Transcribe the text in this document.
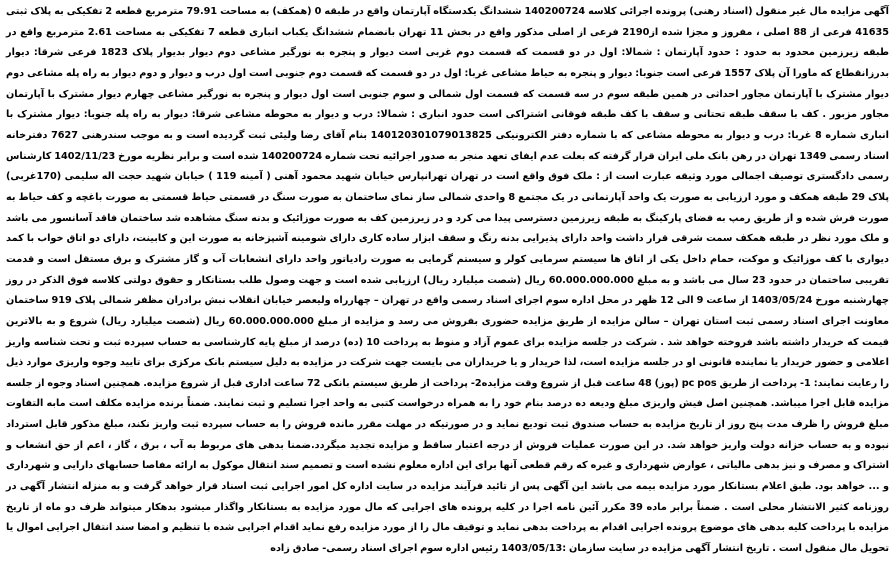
آگهی مزایده مال غیر منقول (اسناد رهنی) پرونده اجرائی کلاسه 140200724 ششدانگ یکدستگاه آپارتمان واقع در طبقه 0 (همکف) به مساحت 79.91 مترمربع قطعه 2 تفکیکی به پلاک ثبتی 41635 فرعی از 88 اصلی ، مفروز و مجزا شده از2190 فرعی از اصلی مذکور واقع در بخش 11 تهران بانضمام ششدانگ یکباب انباری قطعه 7 تفکیکی به مساحت 2.61 مترمربع واقع در طبقه زیرزمین محدود به حدود : حدود آپارتمان : شمالا: اول در دو قسمت که قسمت دوم غربی است دیوار و پنجره به نورگیر مشاعی دوم دیوار بدیوار پلاک 1823 فرعی شرقا: دیوار بدرزانقطاع که ماورا آن پلاک 1557 فرعی است جنوبا: دیوار و پنجره به حیاط مشاعی غربا: اول در دو قسمت که قسمت دوم جنوبی است اول درب و دیوار و دوم دیوار به راه پله مشاعی دوم دیوار مشترک با آپارتمان مجاور احداثی در همین طبقه سوم در سه قسمت که قسمت اول شمالی و سوم جنوبی است اول دیوار و پنجره به نورگیر مشاعی چهارم دیوار مشترک با آپارتمان مجاور مزبور . کف با سقف طبقه تحتانی و سقف با کف طبقه فوقانی اشتراکی است حدود انباری : شمالا: درب و دیوار به محوطه مشاعی شرقا: دیوار به راه پله جنوبا: دیوار مشترک با انباری شماره 8 غربا: درب و دیوار به محوطه مشاعی که با شماره دفتر الکترونیکی 140120301079013825 بنام آقای رضا ولیئی ثبت گردیده است و به موجب سندرهنی 7627 دفترخانه اسناد رسمی 1349 تهران در رهن بانک ملی ایران قرار گرفته که بعلت عدم ایفای تعهد منجر به صدور اجرائیه تحت شماره 140200724 شده است و برابر نظریه مورخ 1402/11/23 کارشناس رسمی دادگستری توصیف اجمالی مورد وثیقه عبارت است از : ملک فوق واقع است در تهران تهرانپارس خیابان شهید محمود آهنی ( آمینه 119 ) خیابان شهید حجت اله سلیمی (170غربی) پلاک 29 طبقه همکف و مورد ارزیابی به صورت یک واحد آپارتمانی در یک مجتمع 8 واحدی شمالی ساز نمای ساختمان به صورت سنگ در قسمتی حیاط قسمتی به صورت باغچه و کف حیاط به صورت فرش شده و از طریق رمپ به فضای پارکینگ به طبقه زیرزمین دسترسی پیدا می کرد و در زیرزمین کف به صورت موزائیک و بدنه سنگ مشاهده شد ساختمان فاقد آسانسور می باشد و ملک مورد نظر در طبقه همکف سمت شرقی قرار داشت واحد دارای پذیرایی بدنه رنگ و سقف ابزار ساده کاری دارای شومینه آشپزخانه به صورت این و کابینت، دارای دو اتاق خواب با کمد دیواری با کف موزائیک و موکت، حمام داخل یکی از اتاق ها سیستم سرمایی کولر و سیستم گرمایی به صورت رادیاتور واحد دارای انشعابات آب و گاز مشترک و برق مستقل است و قدمت تقریبی ساختمان در حدود 23 سال می باشد و به مبلغ 60.000.000.000 ریال (شصت میلیارد ریال) ارزیابی شده است و جهت وصول طلب بستانکار و حقوق دولتی کلاسه فوق الذکر در روز چهارشنبه مورخ 1403/05/24 از ساعت 9 الی 12 ظهر در محل اداره سوم اجرای اسناد رسمی واقع در تهران – چهارراه ولیعصر خیابان انقلاب نبش برادران مظفر شمالی پلاک 919 ساختمان معاونت اجرای اسناد رسمی ثبت استان تهران – سالن مزایده از طریق مزایده حضوری بفروش می رسد و مزایده از مبلغ 60.000.000.000 ریال (شصت میلیارد ریال) شروع و به بالاترین قیمت که خریدار داشته باشد فروخته خواهد شد . شرکت در جلسه مزایده برای عموم آزاد و منوط به پرداخت 10 (ده) درصد از مبلغ پایه کارشناسی به حساب سپرده ثبت و تحت شناسه واریز اعلامی و حضور خریدار یا نماینده قانونی او در جلسه مزایده است، لذا خریدار و یا خریداران می بایست جهت شرکت در مزایده به دلیل سیستم بانک مرکزی برای تایید وجوه واریزی موارد ذیل را رعایت نمایند: 1- پرداخت از طریق pc pos (پوز) 48 ساعت قبل از شروع وقت مزایده2- پرداخت از طریق سیستم بانکی 72 ساعت اداری قبل از شروع مزایده. همچنین اسناد وجوه از جلسه مزایده قابل اجرا میباشد. همچنین اصل فیش واریزی مبلغ ودیعه ده درصد بنام خود را به همراه درخواست کتبی به واحد اجرا تسلیم و ثبت نمایند. ضمناً برنده مزایده مکلف است مابه التفاوت مبلغ فروش را ظرف مدت پنج روز از تاریخ مزایده به حساب صندوق ثبت تودیع نماید و در صورتیکه در مهلت مقرر مانده فروش را به حساب سپرده ثبت واریز نکند، مبلغ مذکور قابل استرداد نبوده و به حساب خزانه دولت واریز خواهد شد. در این صورت عملیات فروش از درجه اعتبار ساقط و مزایده تجدید میگردد.ضمنا بدهی های مربوط به آب ، برق ، گاز ، اعم از حق انشعاب و اشتراک و مصرف و نیز بدهی مالیاتی ، عوارض شهرداری و غیره که رقم قطعی آنها برای این اداره معلوم نشده است و تصمیم سند انتقال موکول به ارائه مفاصا حسابهای دارایی و شهرداری و ... خواهد بود. طبق اعلام بستانکار مورد مزایده بیمه می باشد این آگهی پس از تائید فرآیند مزایده در سایت اداره کل امور اجرایی ثبت اسناد قرار خواهد گرفت و به منزله انتشار آگهی در روزنامه کثیر الانتشار محلی است . ضمناً برابر ماده 39 مکرر آئین نامه اجرا در کلیه پرونده های اجرایی که مال مورد مزایده به بستانکار واگذار میشود بدهکار میتواند ظرف دو ماه از تاریخ مزایده با پرداخت کلیه بدهی های موضوع پرونده اجرایی اقدام به پرداخت بدهی نماید و توقیف مال را از مورد مزایده رفع نماید اقدام اجرایی شده با تنظیم و امضا سند انتقال اجرایی اموال یا تحویل مال منقول است . تاریخ انتشار آگهی مزایده در سایت سازمان :1403/05/13 رئیس اداره سوم اجرای اسناد رسمی- صادق زاده
